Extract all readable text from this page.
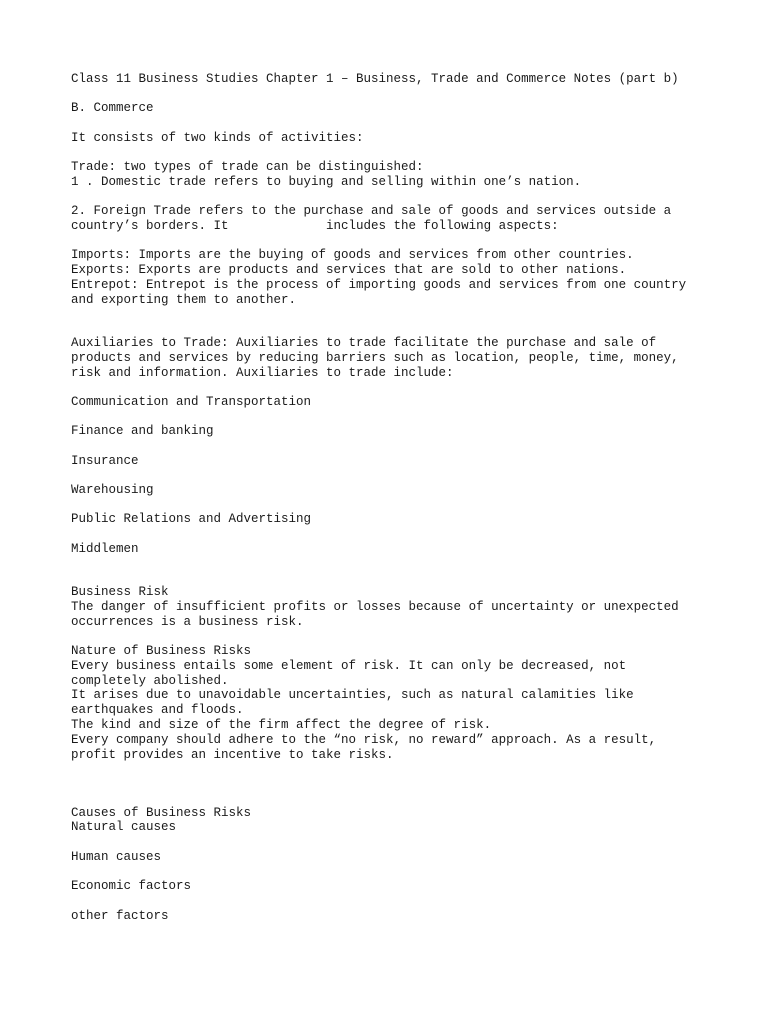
Class 11 Business Studies Chapter 1 – Business, Trade and Commerce Notes (part b)

B. Commerce

It consists of two kinds of activities:

Trade: two types of trade can be distinguished:

1 . Domestic trade refers to buying and selling within one’s nation.

2. Foreign Trade refers to the purchase and sale of goods and services outside a

country’s borders. It             includes the following aspects:

Imports: Imports are the buying of goods and services from other countries.

Exports: Exports are products and services that are sold to other nations.

Entrepot: Entrepot is the process of importing goods and services from one country

and exporting them to another.

Auxiliaries to Trade: Auxiliaries to trade facilitate the purchase and sale of

products and services by reducing barriers such as location, people, time, money,

risk and information. Auxiliaries to trade include:

Communication and Transportation

Finance and banking

Insurance

Warehousing

Public Relations and Advertising

Middlemen

Business Risk

The danger of insufficient profits or losses because of uncertainty or unexpected

occurrences is a business risk.

Nature of Business Risks

Every business entails some element of risk. It can only be decreased, not

completely abolished.

It arises due to unavoidable uncertainties, such as natural calamities like

earthquakes and floods.

The kind and size of the firm affect the degree of risk.

Every company should adhere to the “no risk, no reward” approach. As a result,

profit provides an incentive to take risks.

Causes of Business Risks

Natural causes

Human causes

Economic factors

other factors
